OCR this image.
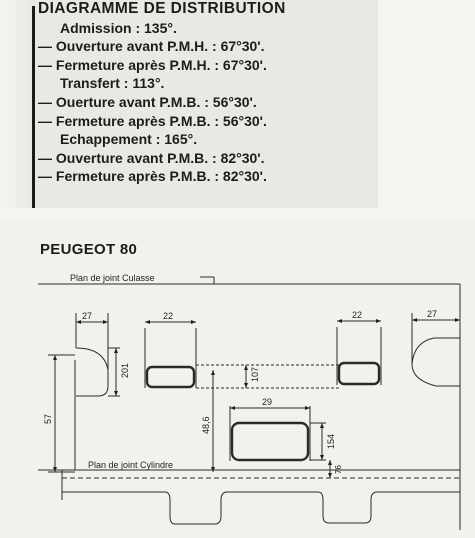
DIAGRAMME DE DISTRIBUTION
Admission : 135°.
— Ouverture avant P.M.H. : 67°30'.
— Fermeture après P.M.H. : 67°30'.
Transfert : 113°.
— Ouerture avant P.M.B. : 56°30'.
— Fermeture après P.M.B. : 56°30'.
Echappement : 165°.
— Ouverture avant P.M.B. : 82°30'.
— Fermeture après P.M.B. : 82°30'.
PEUGEOT 80
Plan de joint Culasse
Plan de joint Cylindre
27	22	22	27
201	107
29
57	48,6
154
76
